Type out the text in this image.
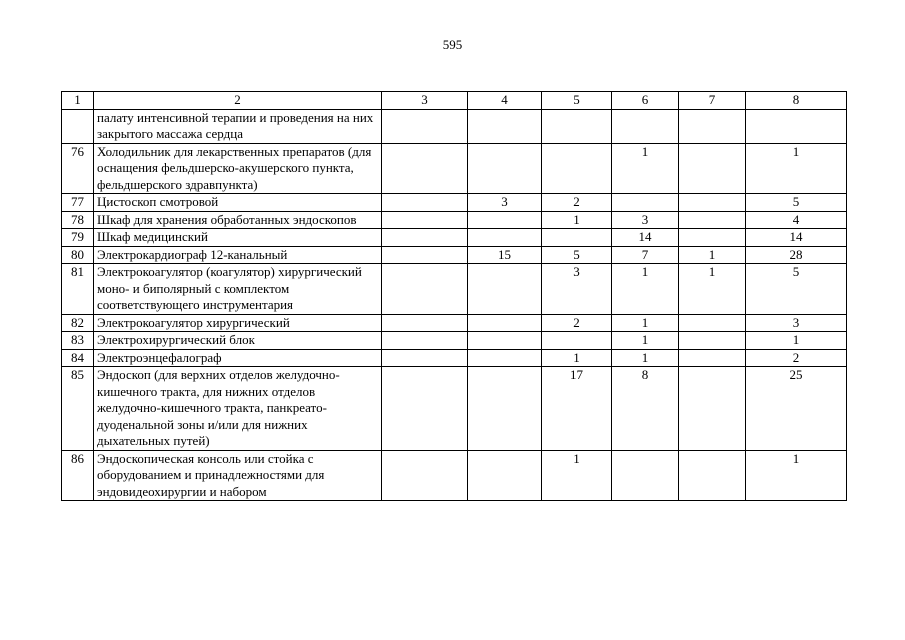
595
1	2	3	4	5	6	7	8
	палату интенсивной терапии и проведения на них закрытого массажа сердца						
76	Холодильник для лекарственных препаратов (для оснащения фельдшерско-акушерского пункта, фельдшерского здравпункта)				1		1
77	Цистоскоп смотровой		3	2			5
78	Шкаф для хранения обработанных эндоскопов			1	3		4
79	Шкаф медицинский				14		14
80	Электрокардиограф 12-канальный		15	5	7	1	28
81	Электрокоагулятор (коагулятор) хирургический моно- и биполярный с комплектом соответствующего инструментария			3	1	1	5
82	Электрокоагулятор хирургический			2	1		3
83	Электрохирургический блок				1		1
84	Электроэнцефалограф			1	1		2
85	Эндоскоп (для верхних отделов желудочно-кишечного тракта, для нижних отделов желудочно-кишечного тракта, панкреато-дуоденальной зоны и/или для нижних дыхательных путей)			17	8		25
86	Эндоскопическая консоль или стойка с оборудованием и принадлежностями для эндовидеохирургии и набором			1			1
